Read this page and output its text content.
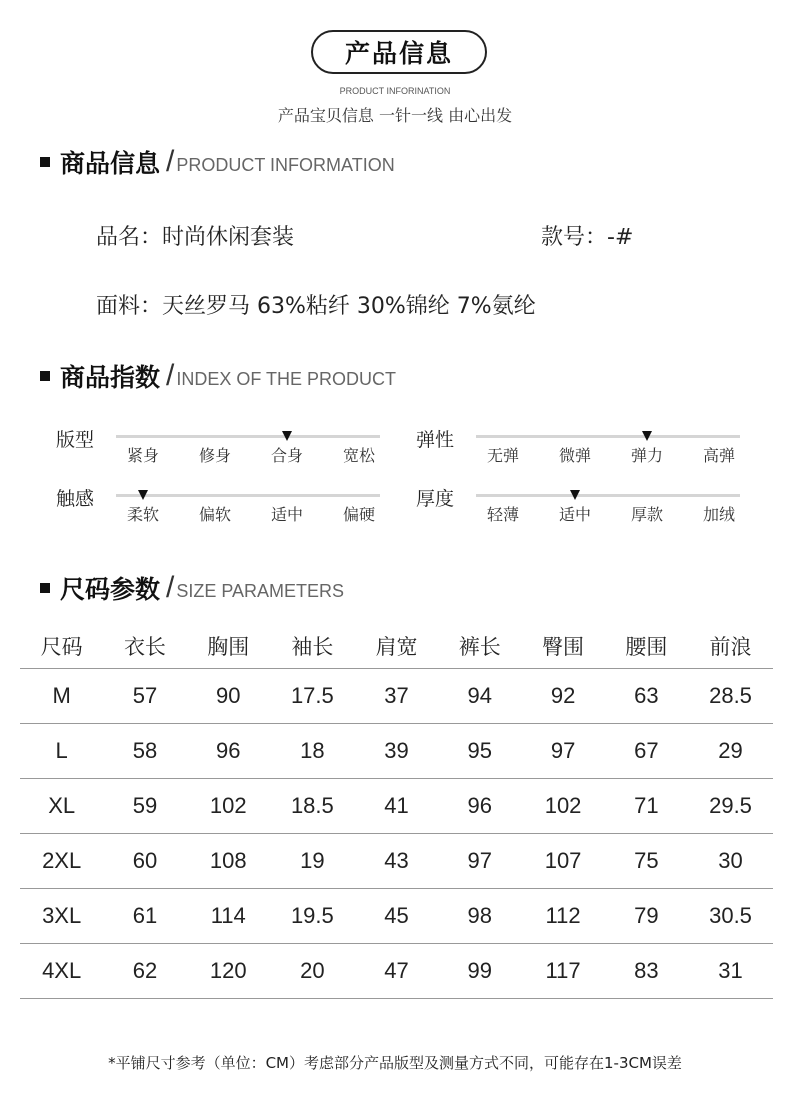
产品信息
PRODUCT INFORINATION
产品宝贝信息 一针一线 由心出发
商品信息 / PRODUCT INFORMATION
品名：时尚休闲套装	款号：-#
面料：天丝罗马 63%粘纤 30%锦纶 7%氨纶
商品指数 / INDEX OF THE PRODUCT
版型
紧身	修身	合身	宽松
弹性
无弹	微弹	弹力	高弹
触感
柔软	偏软	适中	偏硬
厚度
轻薄	适中	厚款	加绒
尺码参数 / SIZE PARAMETERS
尺码	衣长	胸围	袖长	肩宽	裤长	臀围	腰围	前浪
M	57	90	17.5	37	94	92	63	28.5
L	58	96	18	39	95	97	67	29
XL	59	102	18.5	41	96	102	71	29.5
2XL	60	108	19	43	97	107	75	30
3XL	61	114	19.5	45	98	112	79	30.5
4XL	62	120	20	47	99	117	83	31
*平铺尺寸参考（单位：CM）考虑部分产品版型及测量方式不同，可能存在1-3CM误差
